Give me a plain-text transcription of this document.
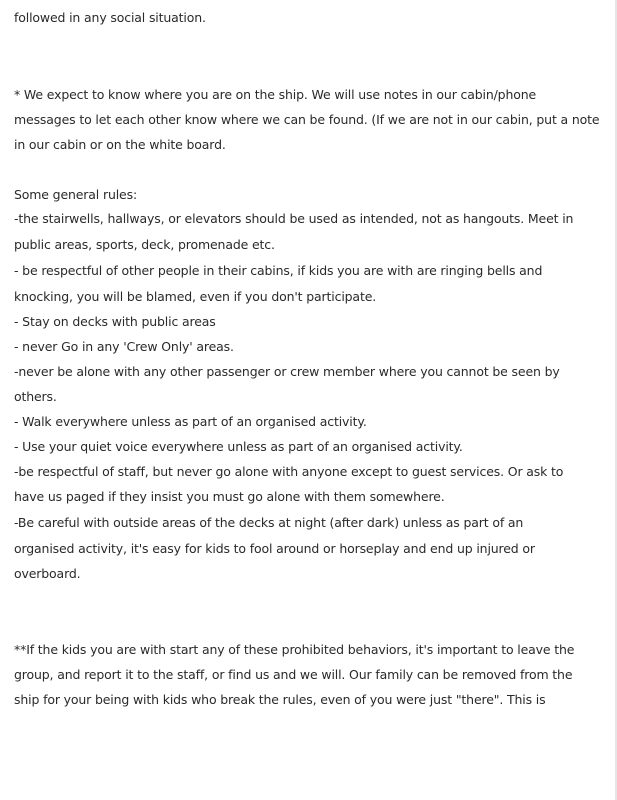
followed in any social situation.
* We expect to know where you are on the ship. We will use notes in our cabin/phone
messages to let each other know where we can be found. (If we are not in our cabin, put a note
in our cabin or on the white board.
Some general rules:
-the stairwells, hallways, or elevators should be used as intended, not as hangouts. Meet in
public areas, sports, deck, promenade etc.
- be respectful of other people in their cabins, if kids you are with are ringing bells and
knocking, you will be blamed, even if you don't participate.
- Stay on decks with public areas
- never Go in any 'Crew Only' areas.
-never be alone with any other passenger or crew member where you cannot be seen by
others.
- Walk everywhere unless as part of an organised activity.
- Use your quiet voice everywhere unless as part of an organised activity.
-be respectful of staff, but never go alone with anyone except to guest services. Or ask to
have us paged if they insist you must go alone with them somewhere.
-Be careful with outside areas of the decks at night (after dark) unless as part of an
organised activity, it's easy for kids to fool around or horseplay and end up injured or
overboard.
**If the kids you are with start any of these prohibited behaviors, it's important to leave the
group, and report it to the staff, or find us and we will. Our family can be removed from the
ship for your being with kids who break the rules, even of you were just "there". This is
